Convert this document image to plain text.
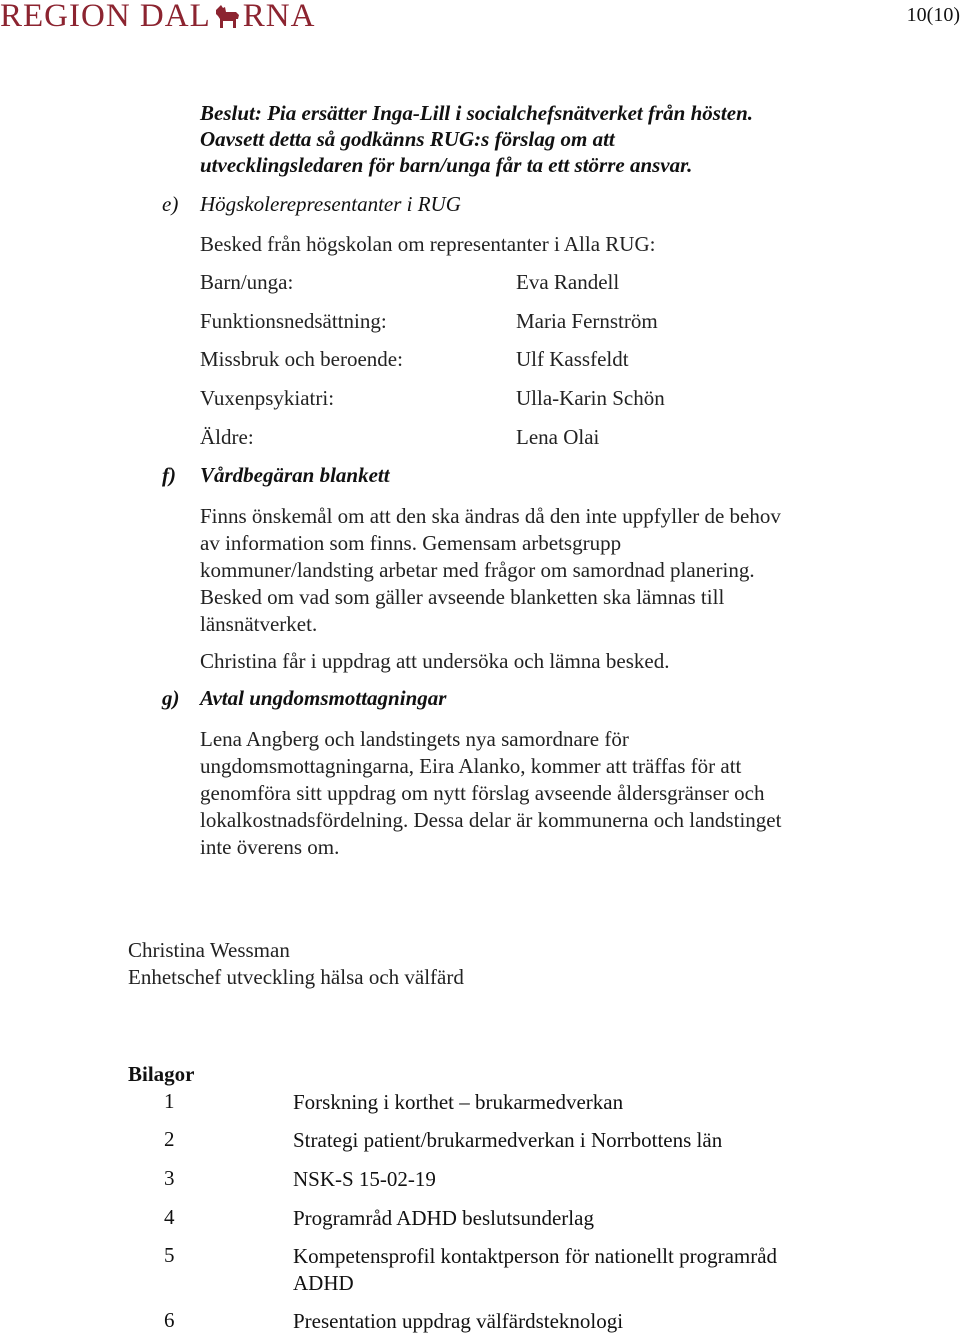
REGION DAL RNA	10(10)
Beslut: Pia ersätter Inga-Lill i socialchefsnätverket från hösten.
Oavsett detta så godkänns RUG:s förslag om att
utvecklingsledaren för barn/unga får ta ett större ansvar.
e) Högskolerepresentanter i RUG
Besked från högskolan om representanter i Alla RUG:
Barn/unga:	Eva Randell
Funktionsnedsättning:	Maria Fernström
Missbruk och beroende:	Ulf Kassfeldt
Vuxenpsykiatri:	Ulla-Karin Schön
Äldre:	Lena Olai
f) Vårdbegäran blankett
Finns önskemål om att den ska ändras då den inte uppfyller de behov
av information som finns. Gemensam arbetsgrupp
kommuner/landsting arbetar med frågor om samordnad planering.
Besked om vad som gäller avseende blanketten ska lämnas till
länsnätverket.
Christina får i uppdrag att undersöka och lämna besked.
g) Avtal ungdomsmottagningar
Lena Angberg och landstingets nya samordnare för
ungdomsmottagningarna, Eira Alanko, kommer att träffas för att
genomföra sitt uppdrag om nytt förslag avseende åldersgränser och
lokalkostnadsfördelning. Dessa delar är kommunerna och landstinget
inte överens om.
Christina Wessman
Enhetschef utveckling hälsa och välfärd
Bilagor
1	Forskning i korthet – brukarmedverkan
2	Strategi patient/brukarmedverkan i Norrbottens län
3	NSK-S 15-02-19
4	Programråd ADHD beslutsunderlag
5	Kompetensprofil kontaktperson för nationellt programråd
ADHD
6	Presentation uppdrag välfärdsteknologi
